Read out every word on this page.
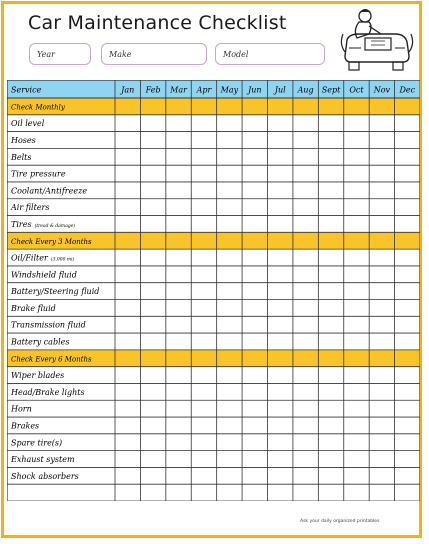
Car Maintenance Checklist
Year	Make	Model
Service	Jan Feb Mar Apr May Jun Jul Aug Sept Oct Nov Dec
Check Monthly
Oil level
Hoses
Belts
Tire pressure
Coolant/Antifreeze
Air filters
Tires (tread & damage)
Check Every 3 Months
Oil/Filter (3,000 mi)
Windshield fluid
Battery/Steering fluid
Brake fluid
Transmission fluid
Battery cables
Check Every 6 Months
Wiper blades
Head/Brake lights
Horn
Brakes
Spare tire(s)
Exhaust system
Shock absorbers
Ask your daily organized printables
